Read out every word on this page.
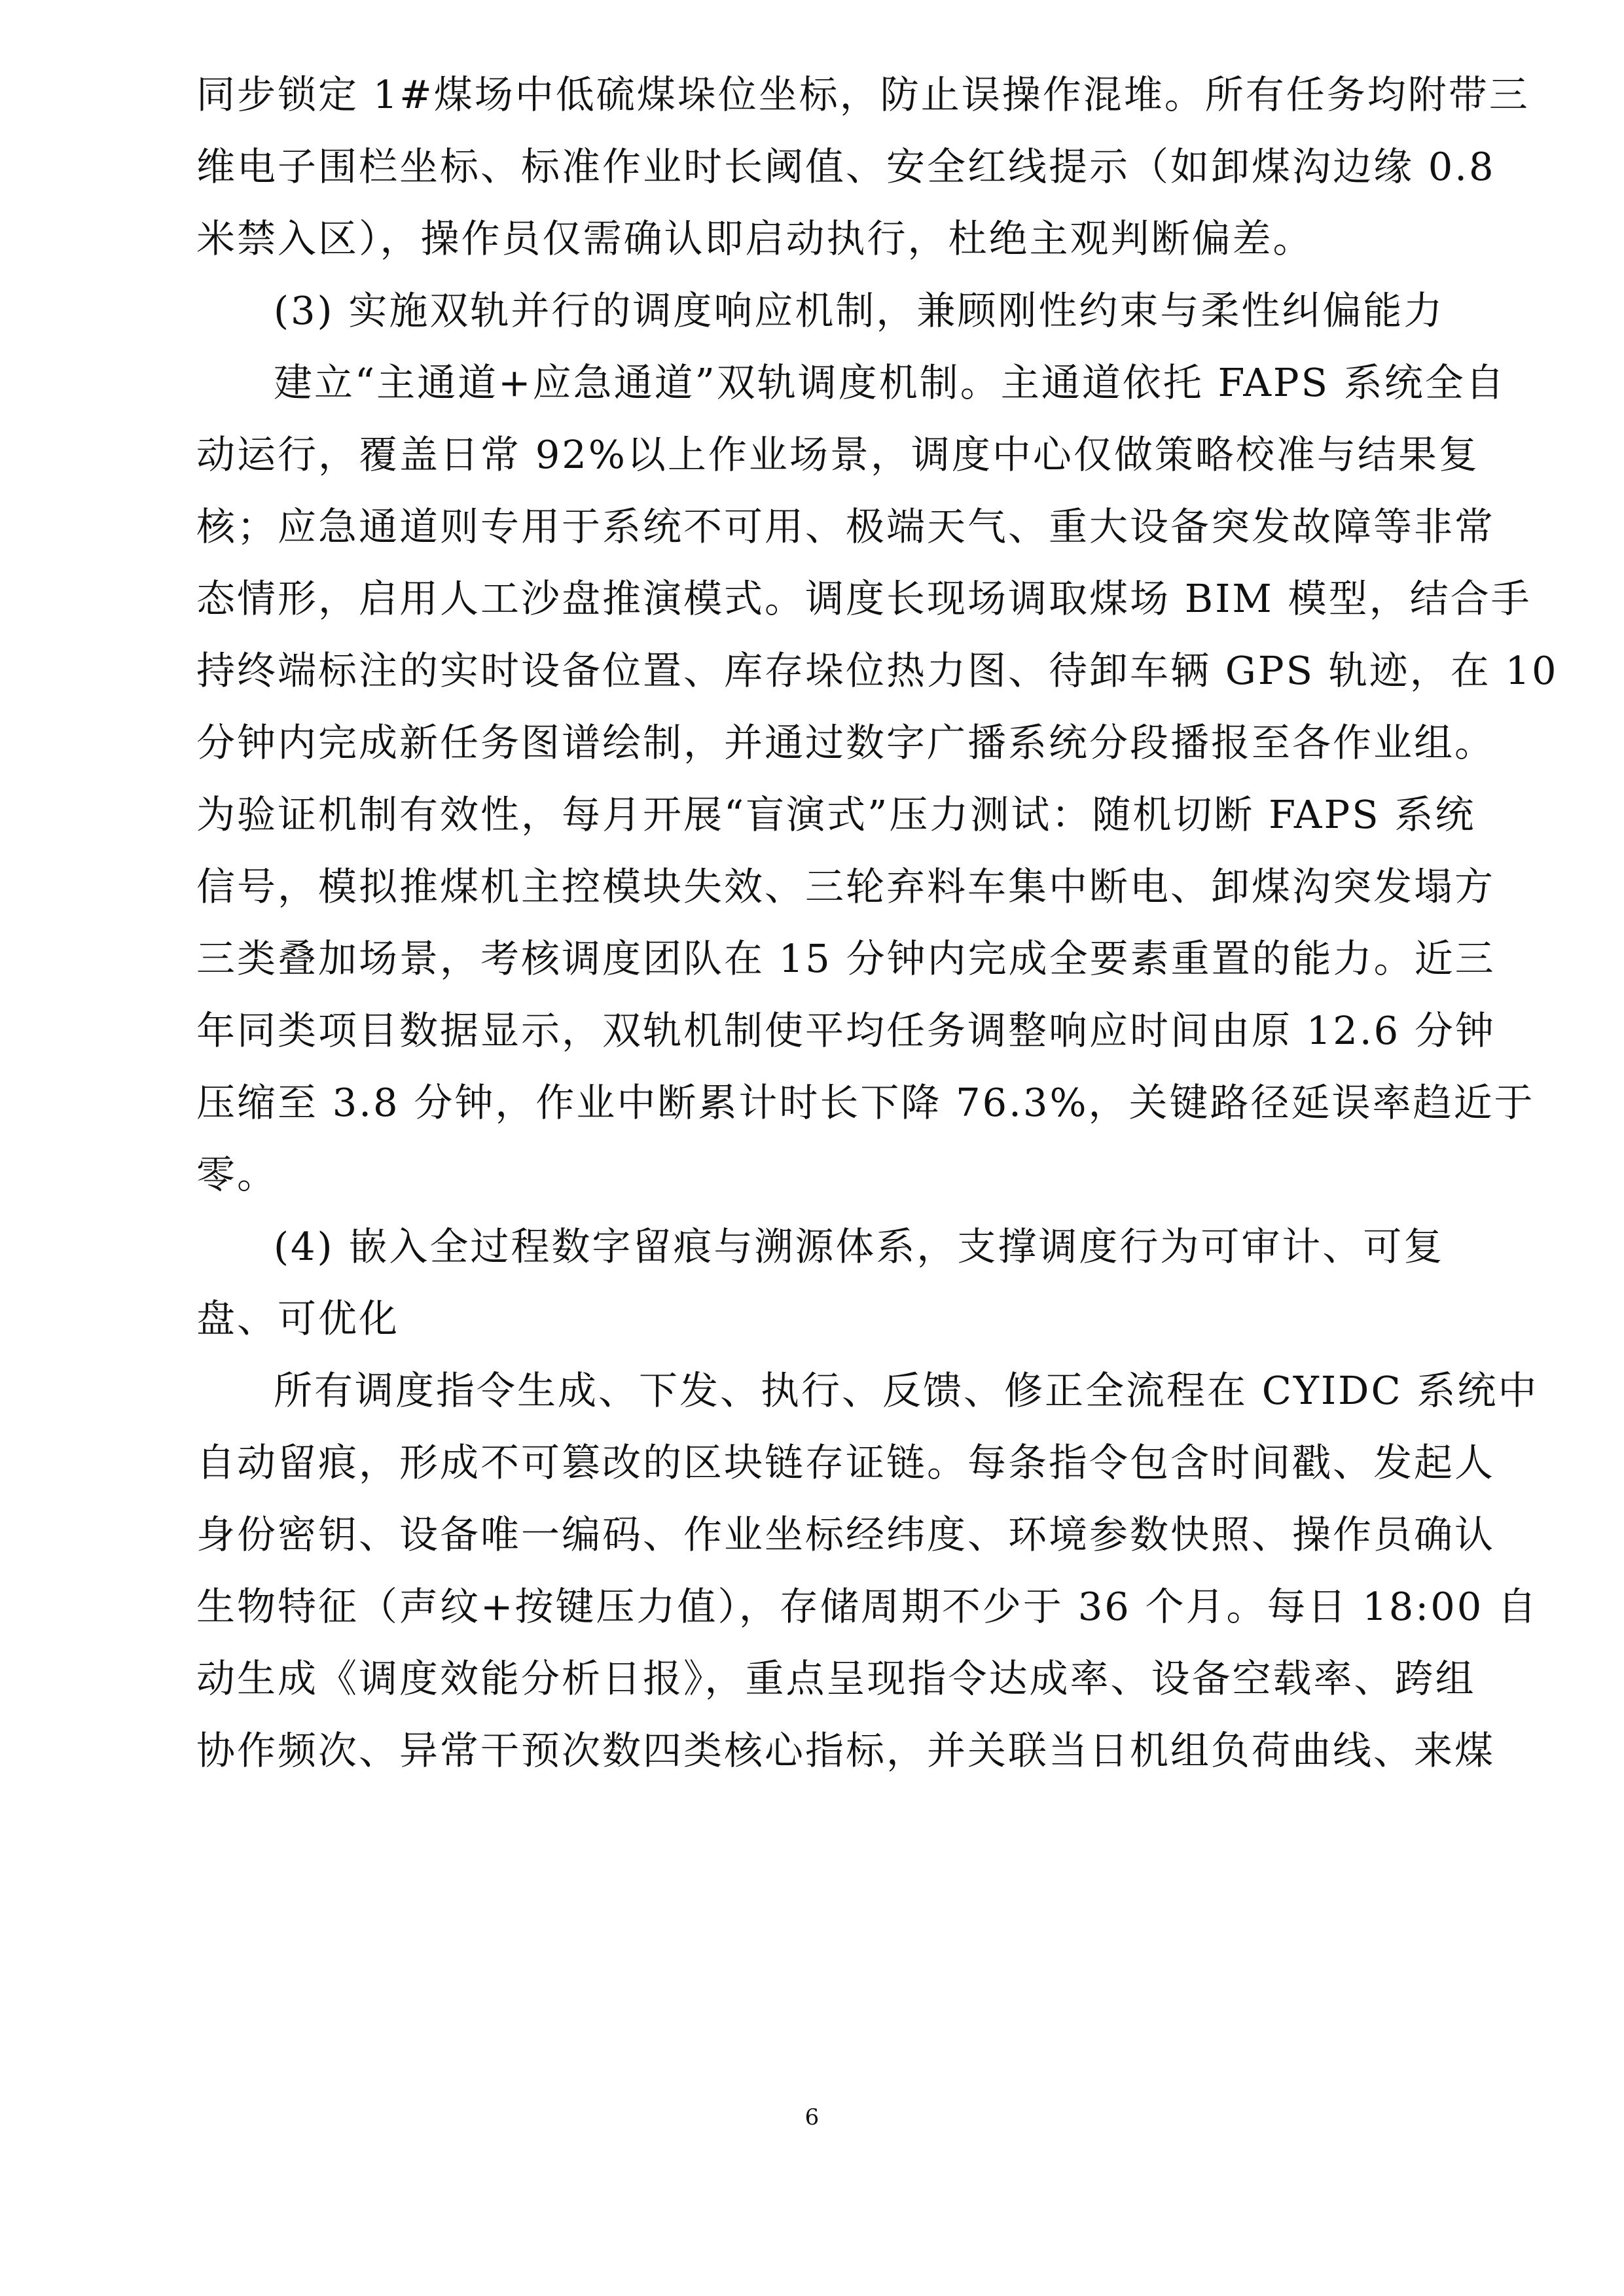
同步锁定 1#煤场中低硫煤垛位坐标，防止误操作混堆。所有任务均附带三
维电子围栏坐标、标准作业时长阈值、安全红线提示（如卸煤沟边缘 0.8
米禁入区），操作员仅需确认即启动执行，杜绝主观判断偏差。
(3) 实施双轨并行的调度响应机制，兼顾刚性约束与柔性纠偏能力
建立“主通道+应急通道”双轨调度机制。主通道依托 FAPS 系统全自
动运行，覆盖日常 92%以上作业场景，调度中心仅做策略校准与结果复
核；应急通道则专用于系统不可用、极端天气、重大设备突发故障等非常
态情形，启用人工沙盘推演模式。调度长现场调取煤场 BIM 模型，结合手
持终端标注的实时设备位置、库存垛位热力图、待卸车辆 GPS 轨迹，在 10
分钟内完成新任务图谱绘制，并通过数字广播系统分段播报至各作业组。
为验证机制有效性，每月开展“盲演式”压力测试：随机切断 FAPS 系统
信号，模拟推煤机主控模块失效、三轮弃料车集中断电、卸煤沟突发塌方
三类叠加场景，考核调度团队在 15 分钟内完成全要素重置的能力。近三
年同类项目数据显示，双轨机制使平均任务调整响应时间由原 12.6 分钟
压缩至 3.8 分钟，作业中断累计时长下降 76.3%，关键路径延误率趋近于
零。
(4) 嵌入全过程数字留痕与溯源体系，支撑调度行为可审计、可复
盘、可优化
所有调度指令生成、下发、执行、反馈、修正全流程在 CYIDC 系统中
自动留痕，形成不可篡改的区块链存证链。每条指令包含时间戳、发起人
身份密钥、设备唯一编码、作业坐标经纬度、环境参数快照、操作员确认
生物特征（声纹+按键压力值），存储周期不少于 36 个月。每日 18:00 自
动生成《调度效能分析日报》，重点呈现指令达成率、设备空载率、跨组
协作频次、异常干预次数四类核心指标，并关联当日机组负荷曲线、来煤
6
